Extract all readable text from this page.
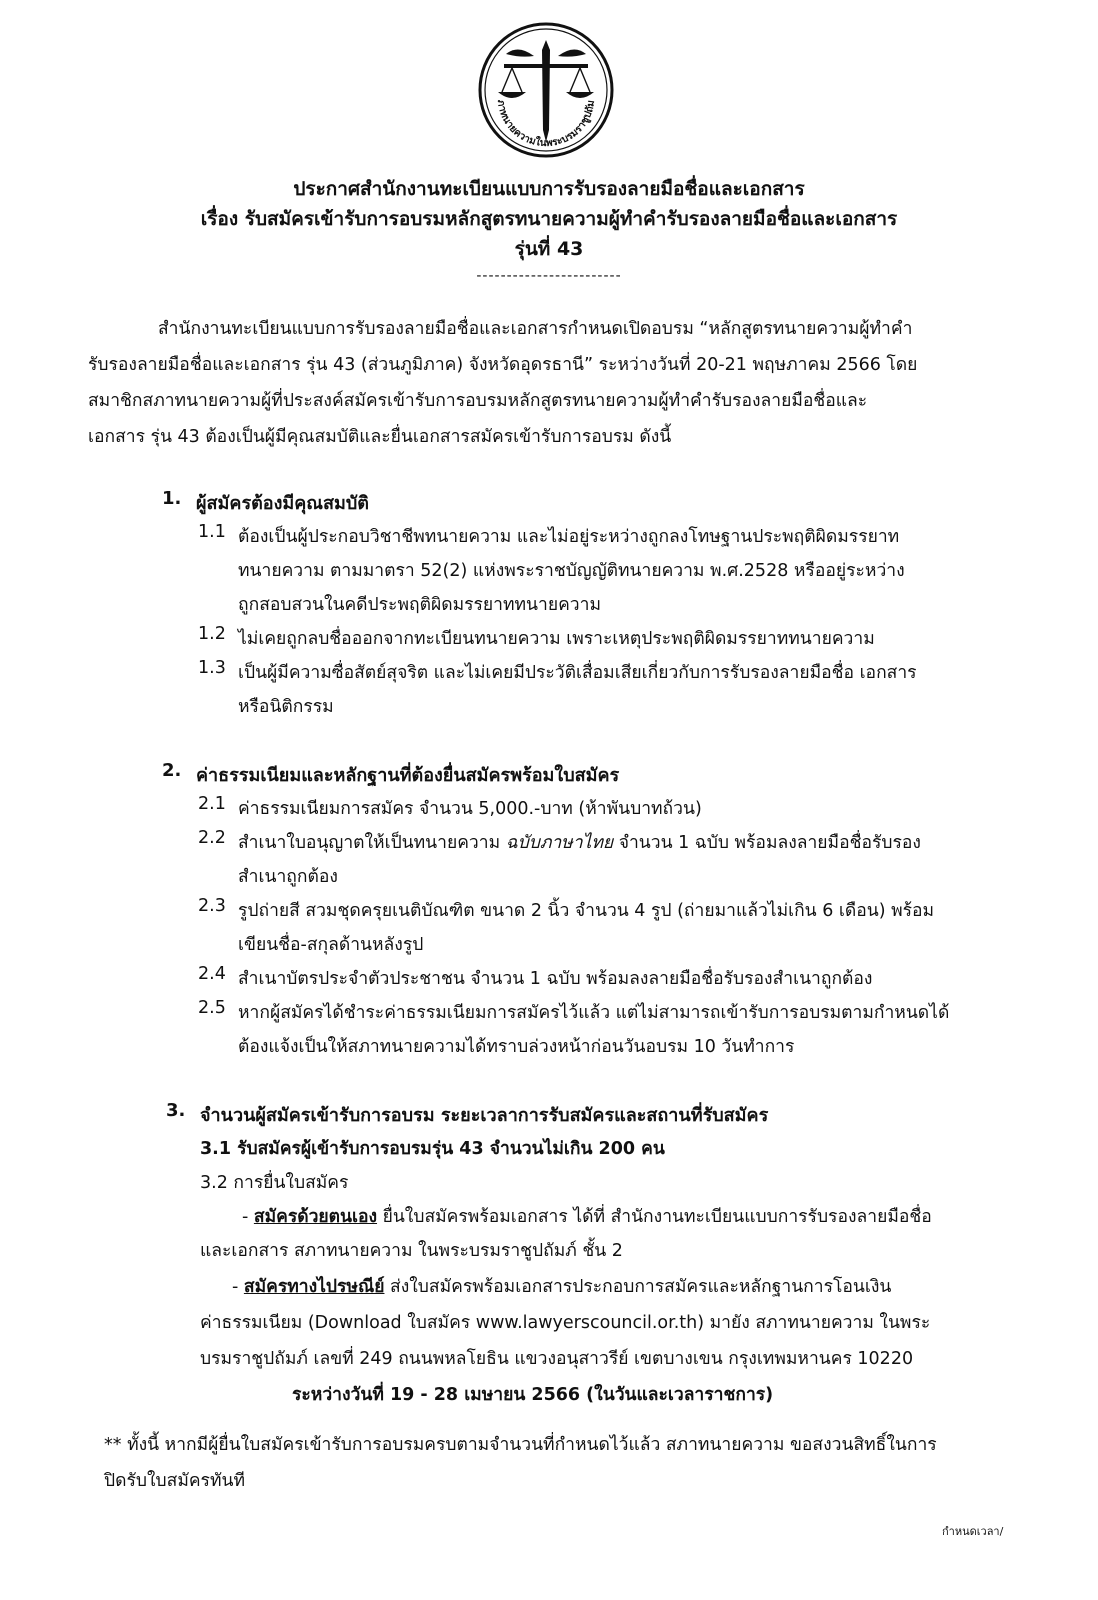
ภาทนายความในพระบรมราชูปถัม
ประกาศสำนักงานทะเบียนแบบการรับรองลายมือชื่อและเอกสาร
เรื่อง รับสมัครเข้ารับการอบรมหลักสูตรทนายความผู้ทำคำรับรองลายมือชื่อและเอกสาร
รุ่นที่ 43
------------------------
สำนักงานทะเบียนแบบการรับรองลายมือชื่อและเอกสารกำหนดเปิดอบรม “หลักสูตรทนายความผู้ทำคำ
รับรองลายมือชื่อและเอกสาร รุ่น 43 (ส่วนภูมิภาค) จังหวัดอุดรธานี” ระหว่างวันที่ 20-21 พฤษภาคม 2566 โดย
สมาชิกสภาทนายความผู้ที่ประสงค์สมัครเข้ารับการอบรมหลักสูตรทนายความผู้ทำคำรับรองลายมือชื่อและ
เอกสาร รุ่น 43 ต้องเป็นผู้มีคุณสมบัติและยื่นเอกสารสมัครเข้ารับการอบรม ดังนี้
1. ผู้สมัครต้องมีคุณสมบัติ
1.1 ต้องเป็นผู้ประกอบวิชาชีพทนายความ และไม่อยู่ระหว่างถูกลงโทษฐานประพฤติผิดมรรยาท
ทนายความ ตามมาตรา 52(2) แห่งพระราชบัญญัติทนายความ พ.ศ.2528 หรืออยู่ระหว่าง
ถูกสอบสวนในคดีประพฤติผิดมรรยาททนายความ
1.2 ไม่เคยถูกลบชื่อออกจากทะเบียนทนายความ เพราะเหตุประพฤติผิดมรรยาททนายความ
1.3 เป็นผู้มีความซื่อสัตย์สุจริต และไม่เคยมีประวัติเสื่อมเสียเกี่ยวกับการรับรองลายมือชื่อ เอกสาร
หรือนิติกรรม
2. ค่าธรรมเนียมและหลักฐานที่ต้องยื่นสมัครพร้อมใบสมัคร
2.1 ค่าธรรมเนียมการสมัคร จำนวน 5,000.-บาท (ห้าพันบาทถ้วน)
2.2 สำเนาใบอนุญาตให้เป็นทนายความ ฉบับภาษาไทย จำนวน 1 ฉบับ พร้อมลงลายมือชื่อรับรอง
สำเนาถูกต้อง
2.3 รูปถ่ายสี สวมชุดครุยเนติบัณฑิต ขนาด 2 นิ้ว จำนวน 4 รูป (ถ่ายมาแล้วไม่เกิน 6 เดือน) พร้อม
เขียนชื่อ-สกุลด้านหลังรูป
2.4 สำเนาบัตรประจำตัวประชาชน จำนวน 1 ฉบับ พร้อมลงลายมือชื่อรับรองสำเนาถูกต้อง
2.5 หากผู้สมัครได้ชำระค่าธรรมเนียมการสมัครไว้แล้ว แต่ไม่สามารถเข้ารับการอบรมตามกำหนดได้
ต้องแจ้งเป็นให้สภาทนายความได้ทราบล่วงหน้าก่อนวันอบรม 10 วันทำการ
3. จำนวนผู้สมัครเข้ารับการอบรม ระยะเวลาการรับสมัครและสถานที่รับสมัคร
3.1 รับสมัครผู้เข้ารับการอบรมรุ่น 43 จำนวนไม่เกิน 200 คน
3.2 การยื่นใบสมัคร
- สมัครด้วยตนเอง ยื่นใบสมัครพร้อมเอกสาร ได้ที่ สำนักงานทะเบียนแบบการรับรองลายมือชื่อ
และเอกสาร สภาทนายความ ในพระบรมราชูปถัมภ์ ชั้น 2
- สมัครทางไปรษณีย์ ส่งใบสมัครพร้อมเอกสารประกอบการสมัครและหลักฐานการโอนเงิน
ค่าธรรมเนียม (Download ใบสมัคร www.lawyerscouncil.or.th) มายัง สภาทนายความ ในพระ
บรมราชูปถัมภ์ เลขที่ 249 ถนนพหลโยธิน แขวงอนุสาวรีย์ เขตบางเขน กรุงเทพมหานคร 10220
ระหว่างวันที่ 19 - 28 เมษายน 2566 (ในวันและเวลาราชการ)
** ทั้งนี้ หากมีผู้ยื่นใบสมัครเข้ารับการอบรมครบตามจำนวนที่กำหนดไว้แล้ว สภาทนายความ ขอสงวนสิทธิ์ในการ
ปิดรับใบสมัครทันที
กำหนดเวลา/
